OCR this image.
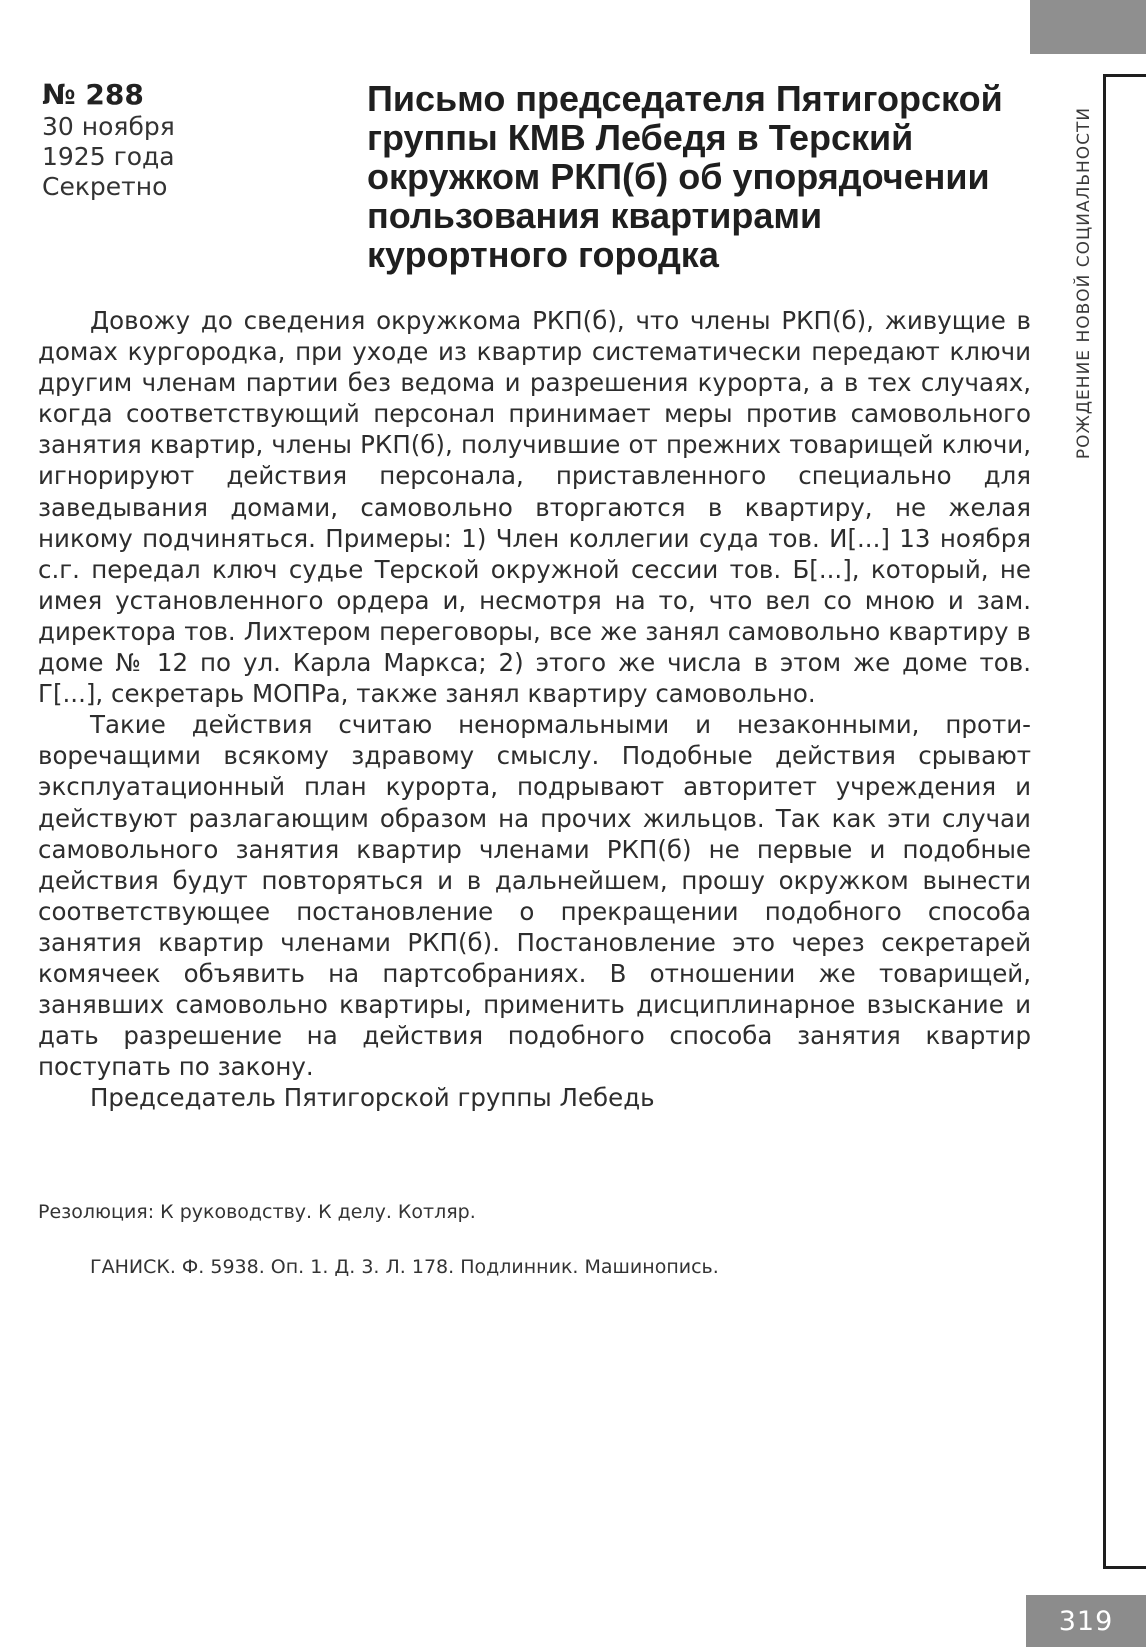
РОЖДЕНИЕ НОВОЙ СОЦИАЛЬНОСТИ
№ 288
30 ноября
1925 года
Секретно
Письмо председателя Пятигорской группы КМВ Лебедя в Терский окружком РКП(б) об упорядочении пользования квартирами курортного городка

Довожу до сведения окружкома РКП(б), что члены РКП(б), живущие в домах кургородка, при уходе из квартир систематически передают ключи другим членам партии без ведома и разрешения курорта, а в тех случаях, когда соответствующий персонал принимает меры против самовольного занятия квартир, члены РКП(б), получившие от прежних товарищей ключи, игнорируют действия персонала, приставленного специально для заведывания домами, самовольно вторгаются в квартиру, не желая никому подчиняться. Примеры: 1) Член коллегии суда тов. И[...] 13 ноября с.г. передал ключ судье Терской окружной сессии тов. Б[...], который, не имея установленного ордера и, несмотря на то, что вел со мною и зам. директора тов. Лихтером переговоры, все же занял самовольно квартиру в доме № 12 по ул. Карла Маркса; 2) этого же числа в этом же доме тов. Г[...], секретарь МОПРа, также занял квартиру самовольно.

Такие действия считаю ненормальными и незаконными, противоречащими всякому здравому смыслу. Подобные действия срывают эксплуатационный план курорта, подрывают авторитет учреждения и действуют разлагающим образом на прочих жильцов. Так как эти случаи самовольного занятия квартир членами РКП(б) не первые и подобные действия будут повторяться и в дальнейшем, прошу окружком вынести соответствующее постановление о прекращении подобного способа занятия квартир членами РКП(б). Постановление это через секретарей комячеек объявить на партсобраниях. В отношении же товарищей, занявших самовольно квартиры, применить дисциплинарное взыскание и дать разрешение на действия подобного способа занятия квартир поступать по закону.

Председатель Пятигорской группы Лебедь

Резолюция: К руководству. К делу. Котляр.
ГАНИСК. Ф. 5938. Оп. 1. Д. 3. Л. 178. Подлинник. Машинопись.
319
